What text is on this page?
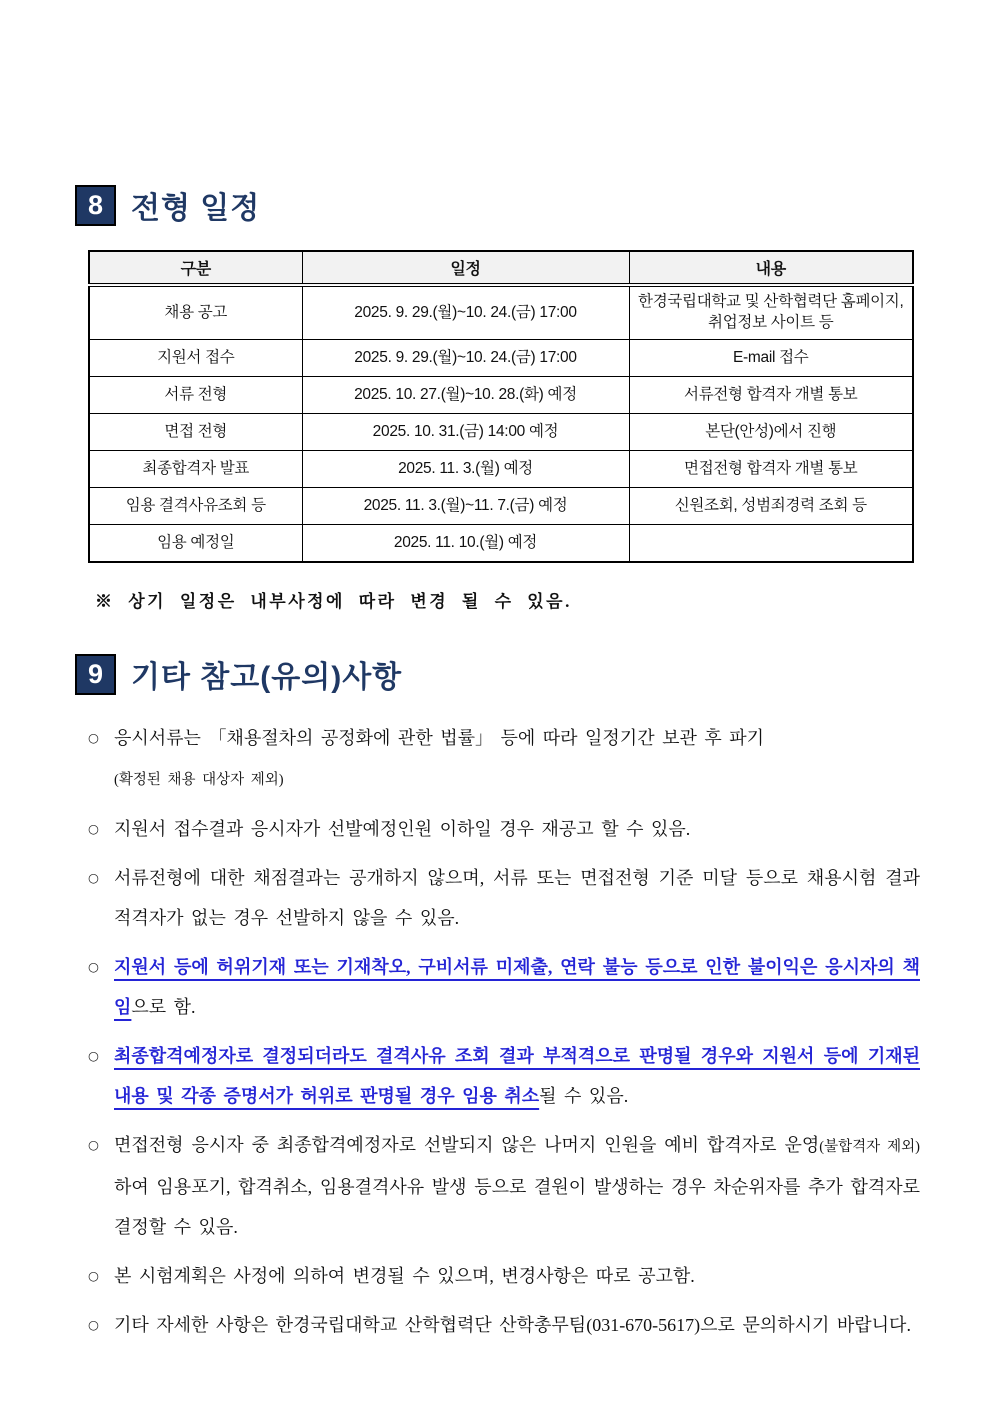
8 전형 일정
구분	일정	내용
채용 공고	2025. 9. 29.(월)~10. 24.(금) 17:00	한경국립대학교 및 산학협력단 홈페이지, 취업정보 사이트 등
지원서 접수	2025. 9. 29.(월)~10. 24.(금) 17:00	E-mail 접수
서류 전형	2025. 10. 27.(월)~10. 28.(화) 예정	서류전형 합격자 개별 통보
면접 전형	2025. 10. 31.(금) 14:00 예정	본단(안성)에서 진행
최종합격자 발표	2025. 11. 3.(월) 예정	면접전형 합격자 개별 통보
임용 결격사유조회 등	2025. 11. 3.(월)~11. 7.(금) 예정	신원조회, 성범죄경력 조회 등
임용 예정일	2025. 11. 10.(월) 예정	

※ 상기 일정은 내부사정에 따라 변경 될 수 있음.

9 기타 참고(유의)사항
○ 응시서류는 「채용절차의 공정화에 관한 법률」 등에 따라 일정기간 보관 후 파기
(확정된 채용 대상자 제외)
○ 지원서 접수결과 응시자가 선발예정인원 이하일 경우 재공고 할 수 있음.
○ 서류전형에 대한 채점결과는 공개하지 않으며, 서류 또는 면접전형 기준 미달 등으로 채용시험 결과 적격자가 없는 경우 선발하지 않을 수 있음.
○ 지원서 등에 허위기재 또는 기재착오, 구비서류 미제출, 연락 불능 등으로 인한 불이익은 응시자의 책임으로 함.
○ 최종합격예정자로 결정되더라도 결격사유 조회 결과 부적격으로 판명될 경우와 지원서 등에 기재된 내용 및 각종 증명서가 허위로 판명될 경우 임용 취소될 수 있음.
○ 면접전형 응시자 중 최종합격예정자로 선발되지 않은 나머지 인원을 예비 합격자로 운영(불합격자 제외)하여 임용포기, 합격취소, 임용결격사유 발생 등으로 결원이 발생하는 경우 차순위자를 추가 합격자로 결정할 수 있음.
○ 본 시험계획은 사정에 의하여 변경될 수 있으며, 변경사항은 따로 공고함.
○ 기타 자세한 사항은 한경국립대학교 산학협력단 산학총무팀(031-670-5617)으로 문의하시기 바랍니다.
